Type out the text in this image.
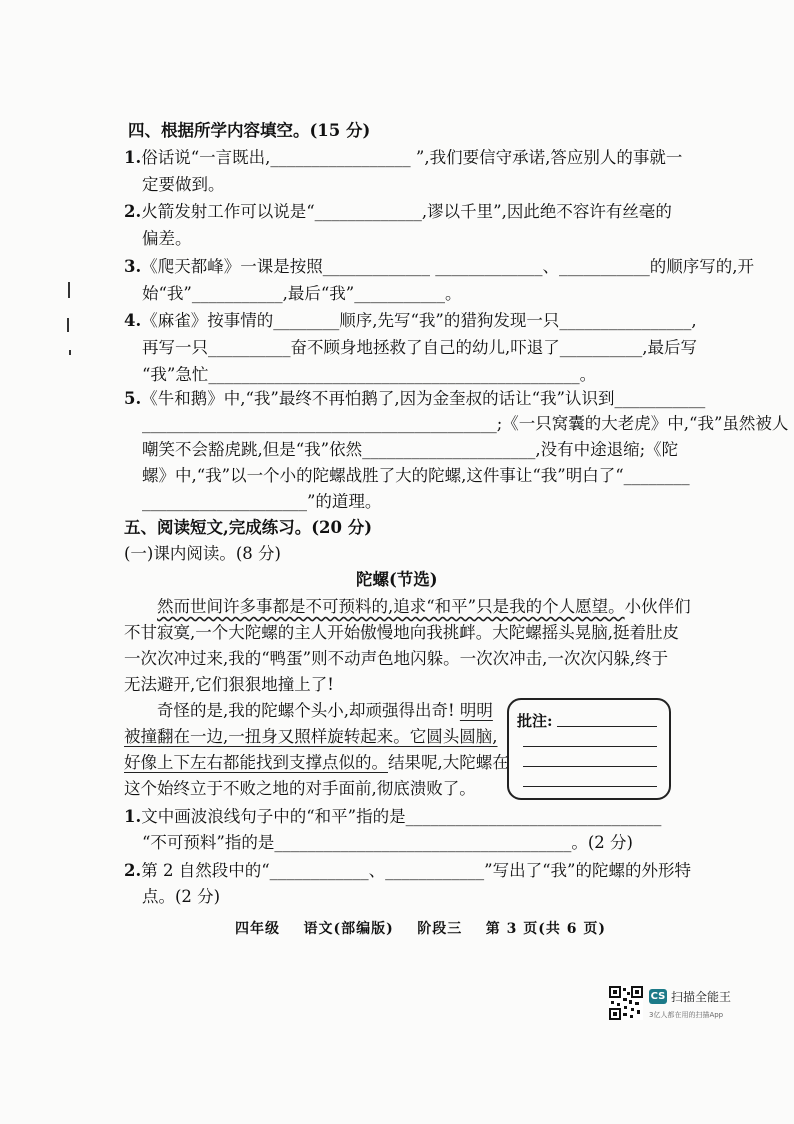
四、根据所学内容填空。(15 分)
1.俗话说“一言既出,_________________ ”,我们要信守承诺,答应别人的事就一
定要做到。
2.火箭发射工作可以说是“_____________,谬以千里”,因此绝不容许有丝毫的
偏差。
3.《爬天都峰》一课是按照_____________ _____________、___________的顺序写的,开
始“我”___________,最后“我”___________。
4.《麻雀》按事情的________顺序,先写“我”的猎狗发现一只________________,
再写一只__________奋不顾身地拯救了自己的幼儿,吓退了__________,最后写
“我”急忙_____________________________________________。
5.《牛和鹅》中,“我”最终不再怕鹅了,因为金奎叔的话让“我”认识到___________
___________________________________________;《一只窝囊的大老虎》中,“我”虽然被人
嘲笑不会豁虎跳,但是“我”依然_____________________,没有中途退缩;《陀
螺》中,“我”以一个小的陀螺战胜了大的陀螺,这件事让“我”明白了“________
____________________”的道理。
五、阅读短文,完成练习。(20 分)
(一)课内阅读。(8 分)
陀螺(节选)
然而世间许多事都是不可预料的,追求“和平”只是我的个人愿望。小伙伴们
不甘寂寞,一个大陀螺的主人开始傲慢地向我挑衅。大陀螺摇头晃脑,挺着肚皮
一次次冲过来,我的“鸭蛋”则不动声色地闪躲。一次次冲击,一次次闪躲,终于
无法避开,它们狠狠地撞上了!
奇怪的是,我的陀螺个头小,却顽强得出奇! 明明
被撞翻在一边,一扭身又照样旋转起来。它圆头圆脑,
好像上下左右都能找到支撑点似的。结果呢,大陀螺在
这个始终立于不败之地的对手面前,彻底溃败了。
批注:
1.文中画波浪线句子中的“和平”指的是_______________________________
“不可预料”指的是____________________________________。(2 分)
2.第 2 自然段中的“____________、____________”写出了“我”的陀螺的外形特
点。(2 分)
四年级 语文(部编版) 阶段三 第 3 页(共 6 页)
CS 扫描全能王
3亿人都在用的扫描App
